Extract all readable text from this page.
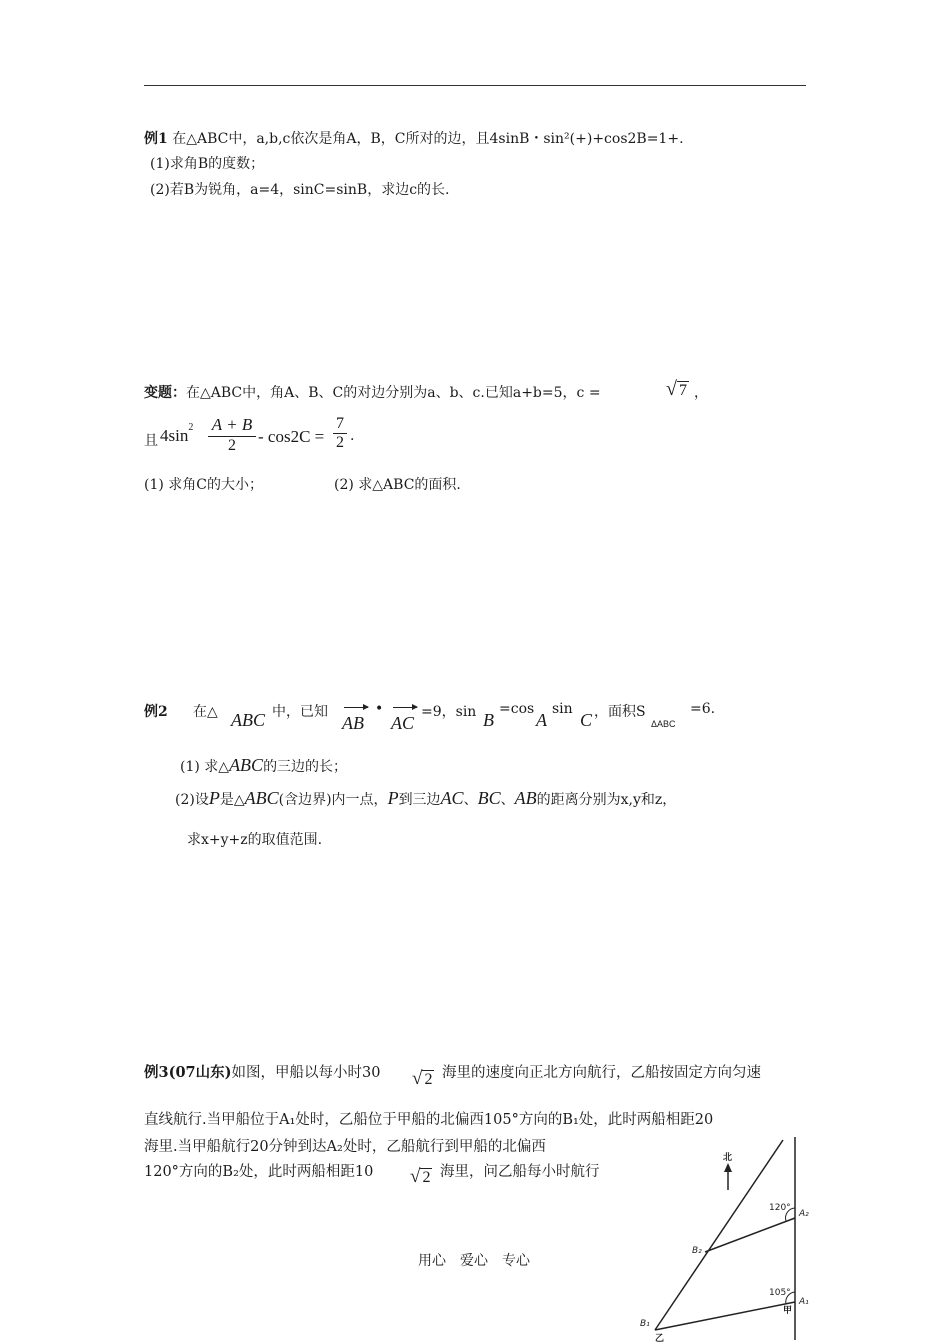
例1 在△ABC中，a,b,c依次是角A，B，C所对的边，且4sinB・sin²(+)+cos2B=1+.
(1)求角B的度数；
(2)若B为锐角，a=4，sinC=sinB，求边c的长.
变题：在△ABC中，角A、B、C的对边分别为a、b、c.已知a+b=5，c =	√ 7 ，
且 $4\sin^2 \frac{A + B}{2} - \cos 2C = \frac{7}{2}$ .
(1) 求角C的大小；	(2) 求△ABC的面积.
例2 在△ ABC 中，已知
AB
•
AC
=9，sin B
=cos
A
sin
C ，面积S
ΔABC
=6.
(1) 求△ABC的三边的长；
(2)设P是△ABC(含边界)内一点，P到三边AC、BC、AB的距离分别为x,y和z，
求x+y+z的取值范围.
例3(07山东)如图，甲船以每小时30 √ 2 海里的速度向正北方向航行，乙船按固定方向匀速
直线航行.当甲船位于A₁处时，乙船位于甲船的北偏西105°方向的B₁处，此时两船相距20
海里.当甲船航行20分钟到达A₂处时，乙船航行到甲船的北偏西
120°方向的B₂处，此时两船相距10 √ 2 海里，问乙船每小时航行
北
120°
105°
A₂
A₁
B₂
B₁
甲
乙
用心　爱心　专心
